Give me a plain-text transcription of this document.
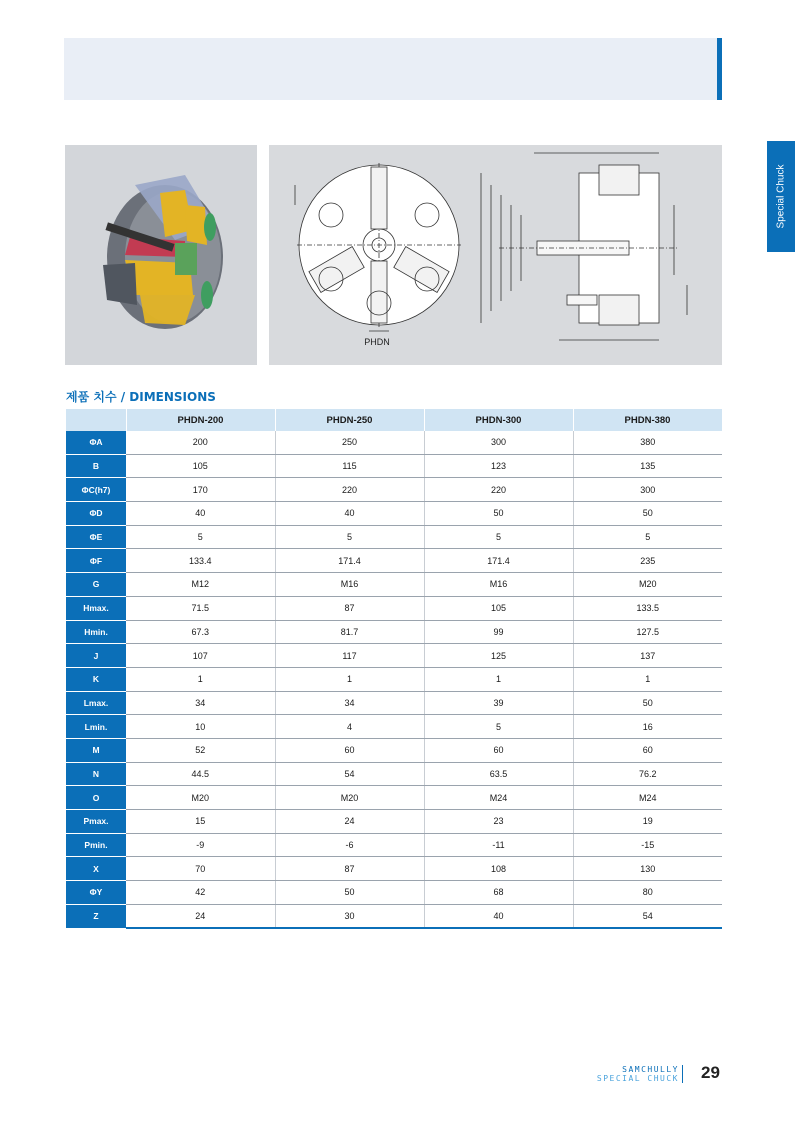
Special Chuck
PHDN
제품 치수 / DIMENSIONS
	PHDN-200	PHDN-250	PHDN-300	PHDN-380
ΦA	200	250	300	380
B	105	115	123	135
ΦC(h7)	170	220	220	300
ΦD	40	40	50	50
ΦE	5	5	5	5
ΦF	133.4	171.4	171.4	235
G	M12	M16	M16	M20
Hmax.	71.5	87	105	133.5
Hmin.	67.3	81.7	99	127.5
J	107	117	125	137
K	1	1	1	1
Lmax.	34	34	39	50
Lmin.	10	4	5	16
M	52	60	60	60
N	44.5	54	63.5	76.2
O	M20	M20	M24	M24
Pmax.	15	24	23	19
Pmin.	-9	-6	-11	-15
X	70	87	108	130
ΦY	42	50	68	80
Z	24	30	40	54
SAMCHULLY
SPECIAL CHUCK 29
